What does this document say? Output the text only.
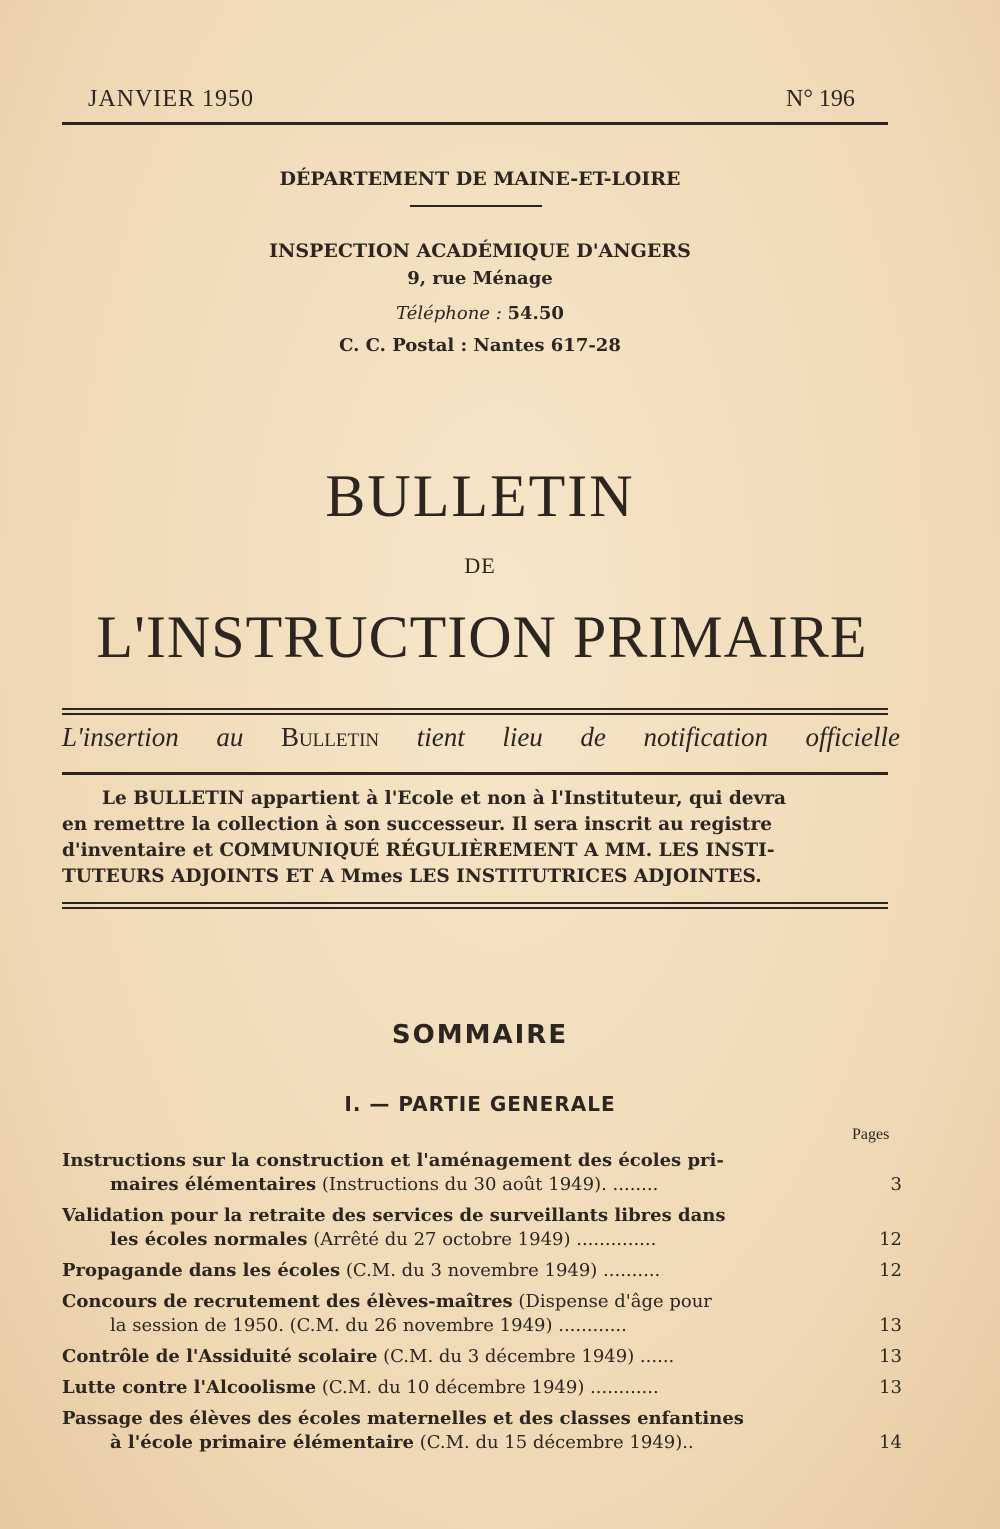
JANVIER 1950	N° 196
DÉPARTEMENT DE MAINE-ET-LOIRE
INSPECTION ACADÉMIQUE D'ANGERS
9, rue Ménage
Téléphone : 54.50
C. C. Postal : Nantes 617-28
BULLETIN
DE
L'INSTRUCTION PRIMAIRE
L'insertion au Bulletin tient lieu de notification officielle
Le BULLETIN appartient à l'Ecole et non à l'Instituteur, qui devra
en remettre la collection à son successeur. Il sera inscrit au registre
d'inventaire et COMMUNIQUÉ RÉGULIÈREMENT A MM. LES INSTI-
TUTEURS ADJOINTS ET A Mmes LES INSTITUTRICES ADJOINTES.
SOMMAIRE
I. — PARTIE GENERALE
Pages
Instructions sur la construction et l'aménagement des écoles pri-
maires élémentaires (Instructions du 30 août 1949). ........	3
Validation pour la retraite des services de surveillants libres dans
les écoles normales (Arrêté du 27 octobre 1949) ..............	12
Propagande dans les écoles (C.M. du 3 novembre 1949) ..........	12
Concours de recrutement des élèves-maîtres (Dispense d'âge pour
la session de 1950. (C.M. du 26 novembre 1949) ............	13
Contrôle de l'Assiduité scolaire (C.M. du 3 décembre 1949) ......	13
Lutte contre l'Alcoolisme (C.M. du 10 décembre 1949) ............	13
Passage des élèves des écoles maternelles et des classes enfantines
à l'école primaire élémentaire (C.M. du 15 décembre 1949)..	14
